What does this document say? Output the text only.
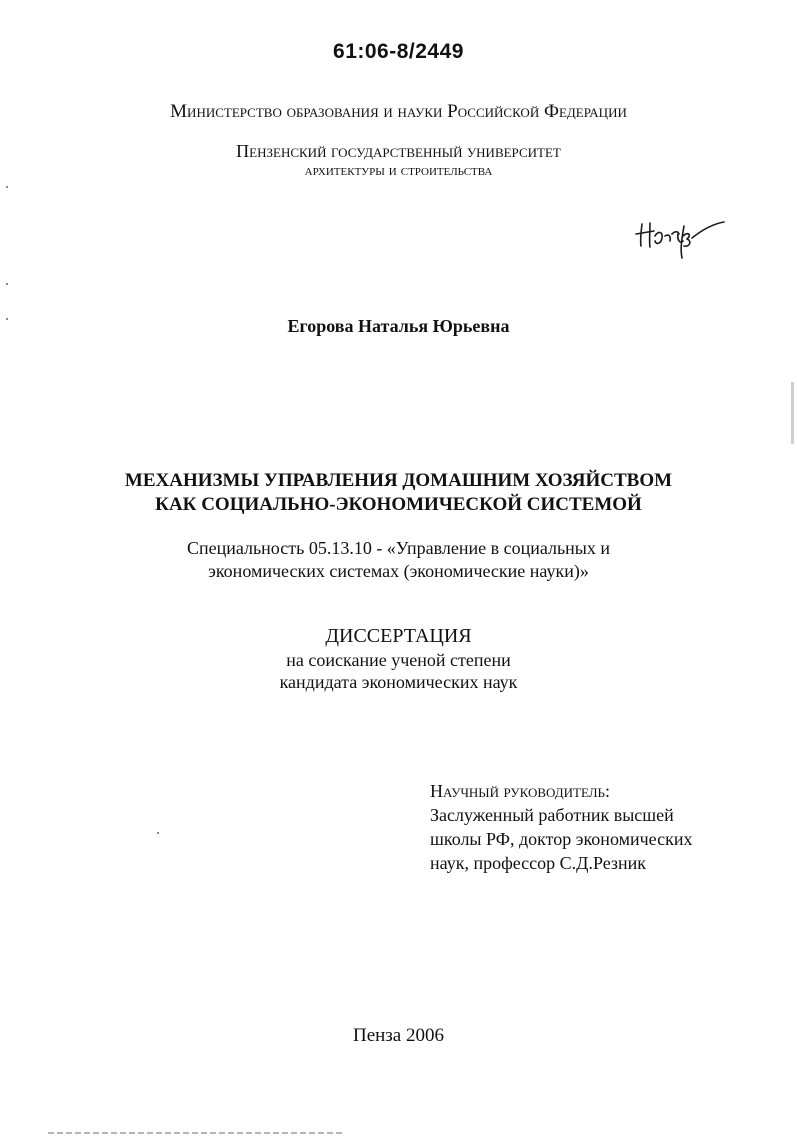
61:06-8/2449
Министерство образования и науки Российской Федерации
Пензенский государственный университет
архитектуры и строительства
Егорова Наталья Юрьевна
МЕХАНИЗМЫ УПРАВЛЕНИЯ ДОМАШНИМ ХОЗЯЙСТВОМ
КАК СОЦИАЛЬНО-ЭКОНОМИЧЕСКОЙ СИСТЕМОЙ
Специальность 05.13.10 - «Управление в социальных и
экономических системах (экономические науки)»
ДИССЕРТАЦИЯ
на соискание ученой степени
кандидата экономических наук
Научный руководитель:
Заслуженный работник высшей
школы РФ, доктор экономических
наук, профессор С.Д.Резник
Пенза 2006
